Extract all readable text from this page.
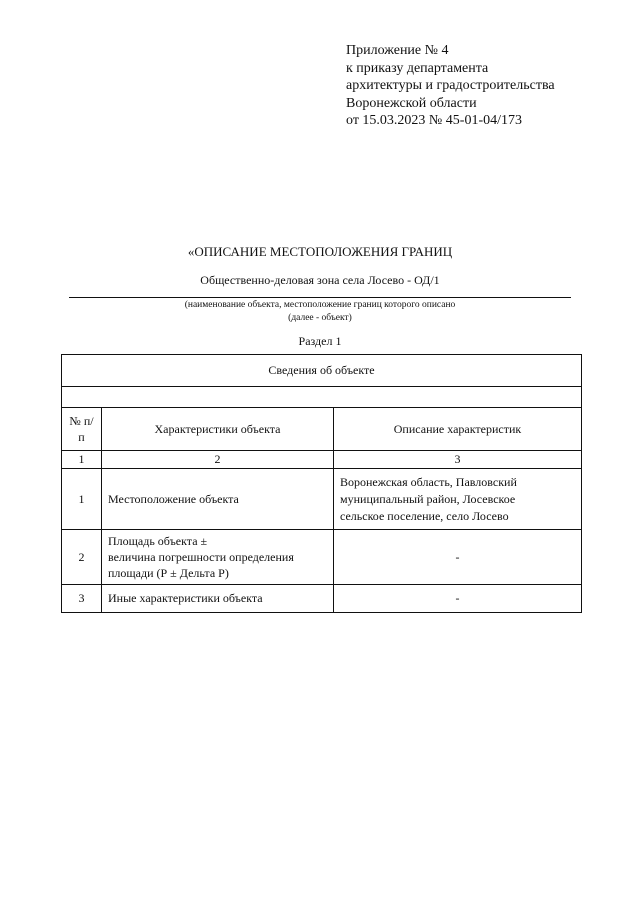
Приложение № 4
к приказу департамента
архитектуры и градостроительства
Воронежской области
от 15.03.2023 № 45-01-04/173
«ОПИСАНИЕ МЕСТОПОЛОЖЕНИЯ ГРАНИЦ
Общественно-деловая зона села Лосево - ОД/1
(наименование объекта, местоположение границ которого описано
(далее - объект)
Раздел 1
Сведения об объекте		

№ п/п	Характеристики объекта	Описание характеристик
1	2	3
1	Местоположение объекта	Воронежская область, Павловский
муниципальный район, Лосевское
сельское поселение, село Лосево

2	Площадь объекта ±
величина погрешности определения
площади (Р ± Дельта Р)	-
3	Иные характеристики объекта	-
